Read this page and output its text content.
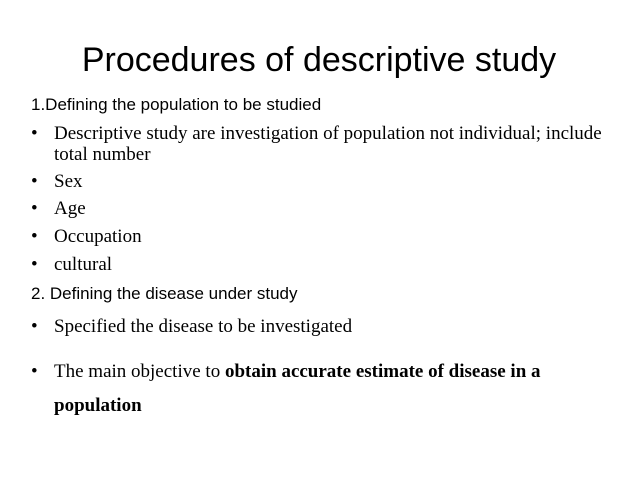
Procedures of descriptive study
1.Defining the population to be studied
• Descriptive study are investigation of population not individual; include total number
• Sex
• Age
• Occupation
• cultural
2. Defining the disease under study
• Specified the disease to be investigated
• The main objective to obtain accurate estimate of disease in a population
